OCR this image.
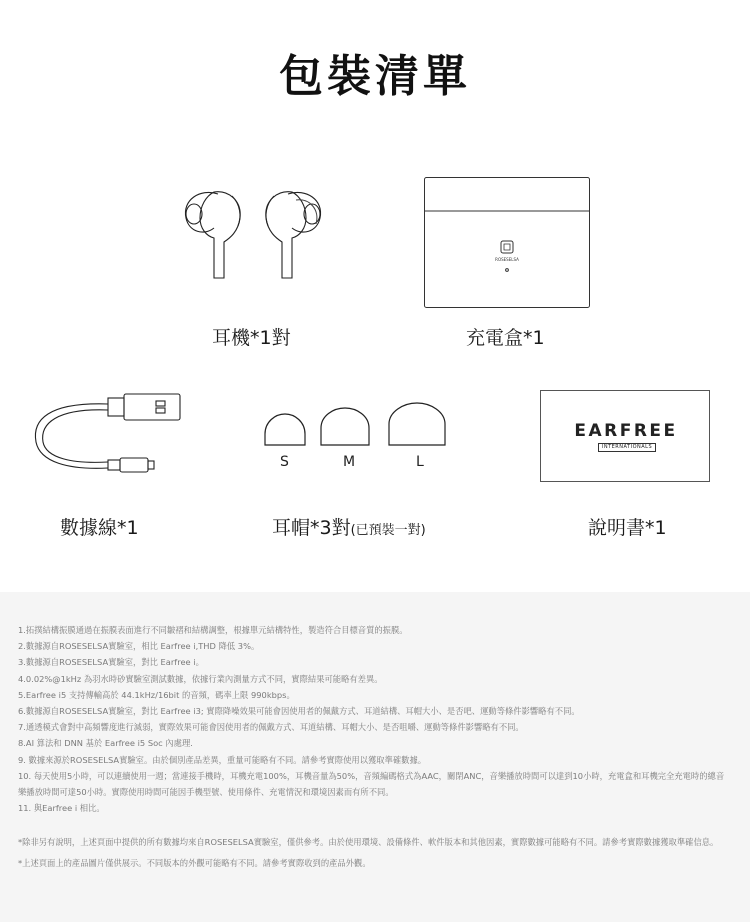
包裝清單
耳機*1對
ROSESELSA
充電盒*1
數據線*1
S	M	L
耳帽*3對(已預裝一對)
EARFREE
INTERNATIONALS
說明書*1
1.拓撲結構振膜通過在振膜表面進行不同皺褶和結構調整，根據單元結構特性，製造符合目標音質的振膜。
2.數據源自ROSESELSA實驗室，相比 Earfree i,THD 降低 3%。
3.數據源自ROSESELSA實驗室，對比 Earfree i。
4.0.02%@1kHz 為羽水時砂實驗室測試數據，依據行業內測量方式不同，實際結果可能略有差異。
5.Earfree i5 支持傳輸高於 44.1kHz/16bit 的音頻，碼率上限 990kbps。
6.數據源自ROSESELSA實驗室，對比 Earfree i3; 實際降噪效果可能會因使用者的佩戴方式、耳道結構、耳帽大小、是否吧、運動等條件影響略有不同。
7.通透模式會對中高頻響度進行減弱，實際效果可能會因使用者的佩戴方式、耳道結構、耳帽大小、是否咀嚼、運動等條件影響略有不同。
8.AI 算法和 DNN 基於 Earfree i5 Soc 內處理.
9. 數據來源於ROSESELSA實驗室。由於個別產品差異，重量可能略有不同。請參考實際使用以獲取準確數據。
10. 每天使用5小時，可以連續使用一週；當連接手機時，耳機充電100%，耳機音量為50%，音頻編碼格式為AAC，關閉ANC，音樂播放時間可以達到10小時，充電盒和耳機完全充電時的總音樂播放時間可達50小時。實際使用時間可能因手機型號、使用條件、充電情況和環境因素而有所不同。
11. 與Earfree i 相比。
*除非另有說明，上述頁面中提供的所有數據均來自ROSESELSA實驗室，僅供參考。由於使用環境、設備條件、軟件版本和其他因素，實際數據可能略有不同。請參考實際數據獲取準確信息。
*上述頁面上的產品圖片僅供展示。不同版本的外觀可能略有不同。請參考實際收到的產品外觀。
